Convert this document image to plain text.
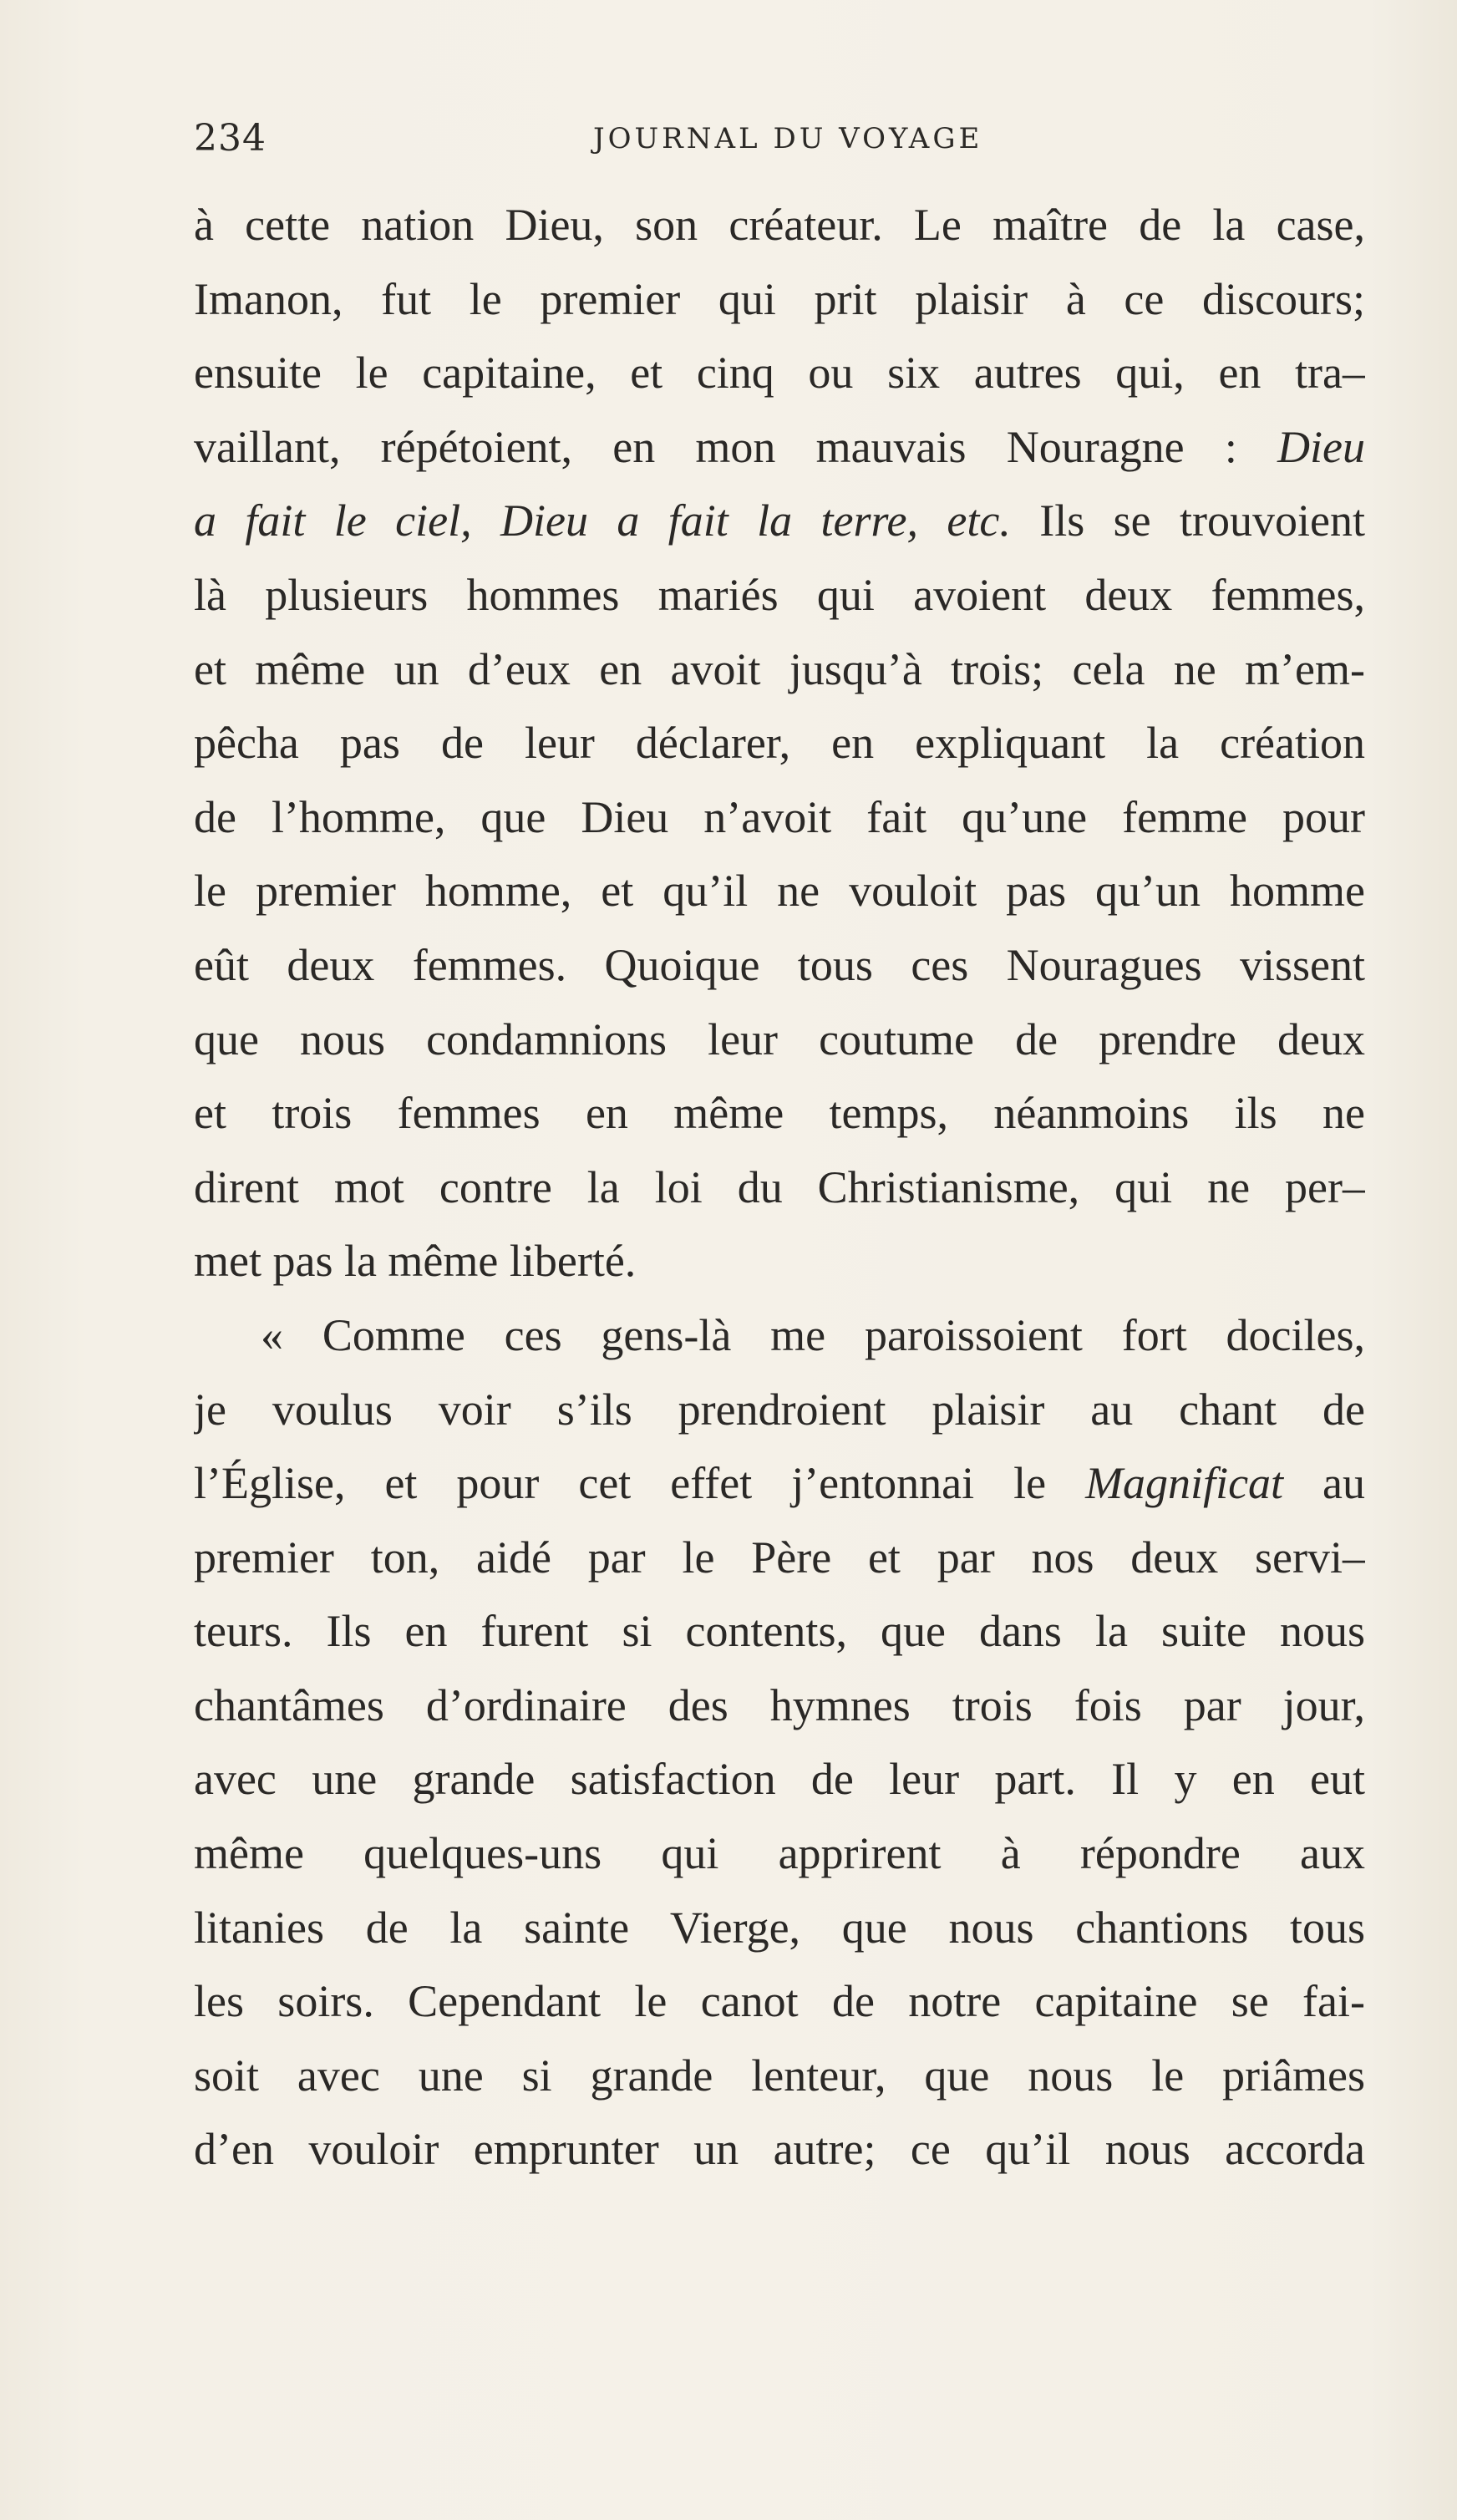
234	JOURNAL DU VOYAGE
à cette nation Dieu, son créateur. Le maître de la case,
Imanon, fut le premier qui prit plaisir à ce discours;
ensuite le capitaine, et cinq ou six autres qui, en tra–
vaillant, répétoient, en mon mauvais Nouragne : Dieu
a fait le ciel, Dieu a fait la terre, etc. Ils se trouvoient
là plusieurs hommes mariés qui avoient deux femmes,
et même un d’eux en avoit jusqu’à trois; cela ne m’em-
pêcha pas de leur déclarer, en expliquant la création
de l’homme, que Dieu n’avoit fait qu’une femme pour
le premier homme, et qu’il ne vouloit pas qu’un homme
eût deux femmes. Quoique tous ces Nouragues vissent
que nous condamnions leur coutume de prendre deux
et trois femmes en même temps, néanmoins ils ne
dirent mot contre la loi du Christianisme, qui ne per–
met pas la même liberté.
« Comme ces gens-là me paroissoient fort dociles,
je voulus voir s’ils prendroient plaisir au chant de
l’Église, et pour cet effet j’entonnai le Magnificat au
premier ton, aidé par le Père et par nos deux servi–
teurs. Ils en furent si contents, que dans la suite nous
chantâmes d’ordinaire des hymnes trois fois par jour,
avec une grande satisfaction de leur part. Il y en eut
même quelques-uns qui apprirent à répondre aux
litanies de la sainte Vierge, que nous chantions tous
les soirs. Cependant le canot de notre capitaine se fai-
soit avec une si grande lenteur, que nous le priâmes
d’en vouloir emprunter un autre; ce qu’il nous accorda
